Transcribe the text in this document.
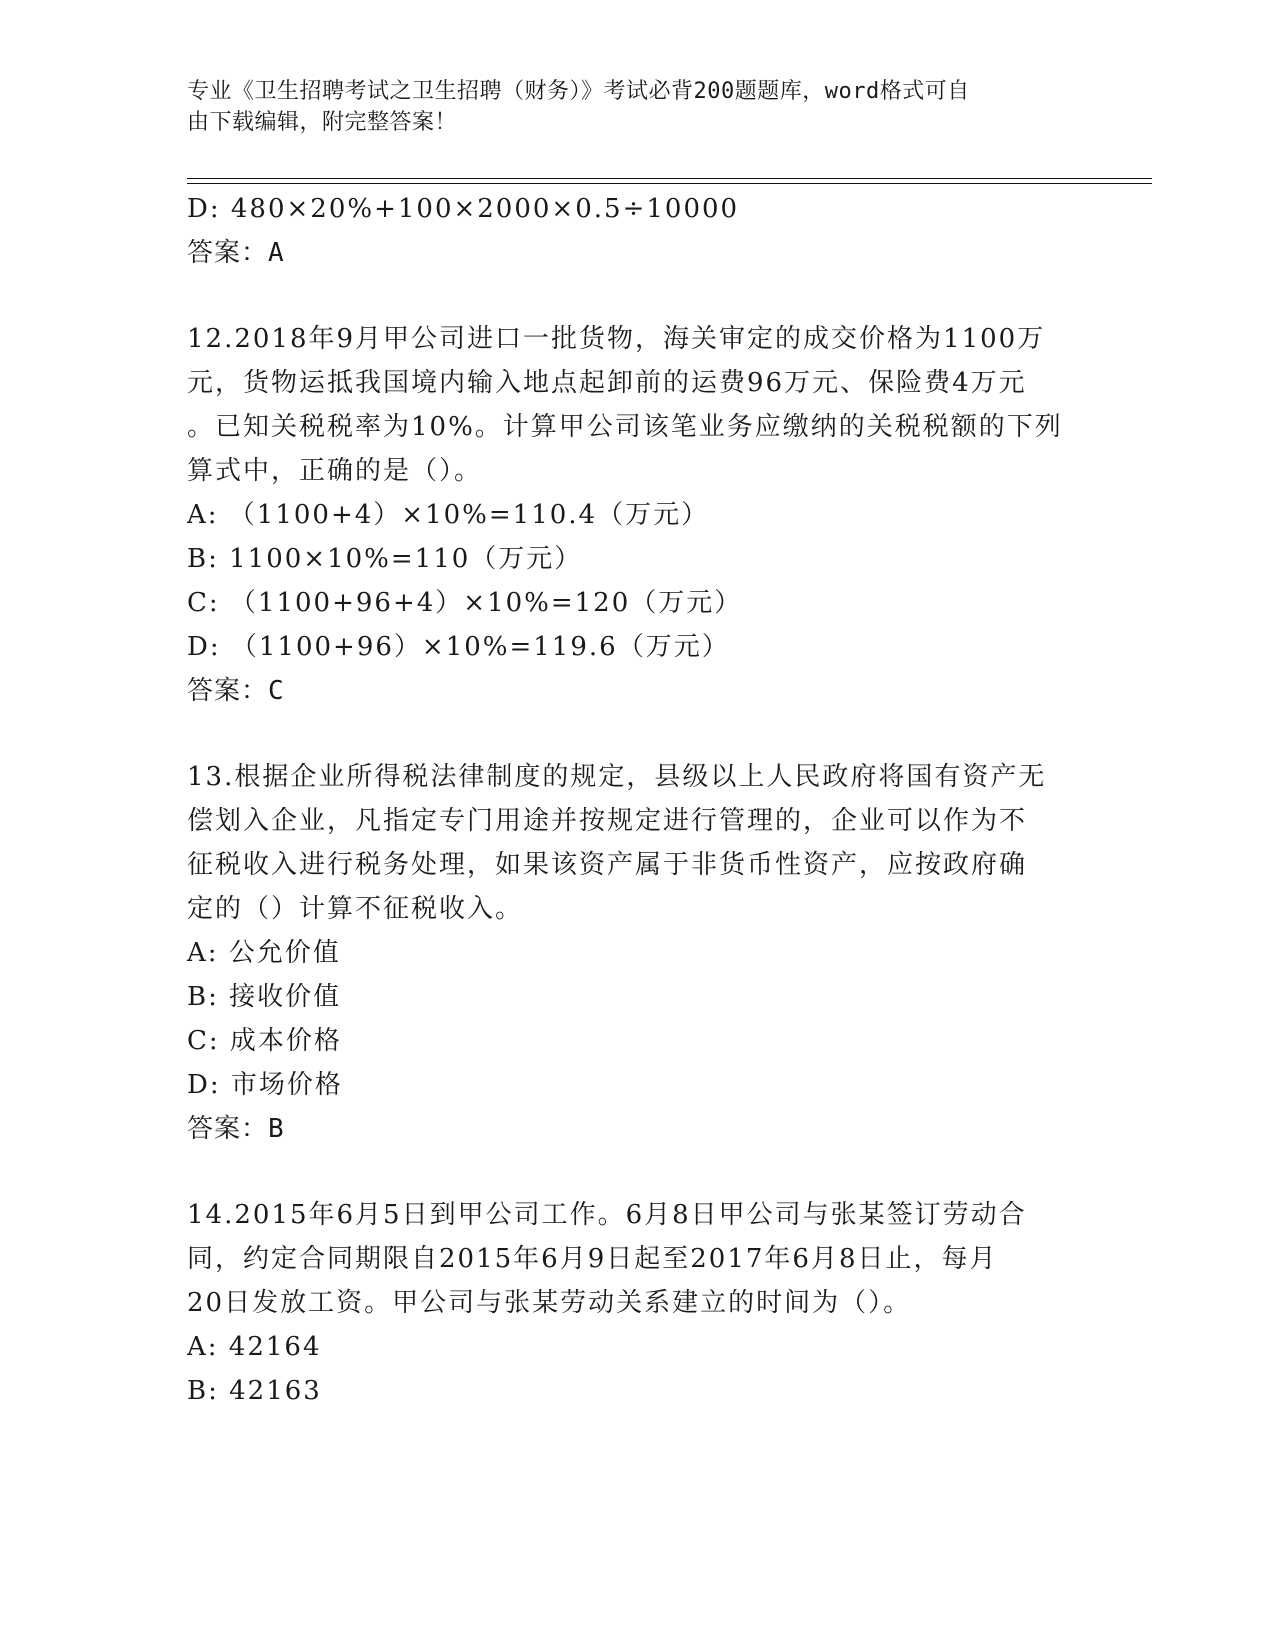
专业《卫生招聘考试之卫生招聘（财务）》考试必背200题题库，word格式可自
由下载编辑，附完整答案！
D: 480×20%+100×2000×0.5÷10000
答案：A
12.2018年9月甲公司进口一批货物，海关审定的成交价格为1100万
元，货物运抵我国境内输入地点起卸前的运费96万元、保险费4万元
。已知关税税率为10%。计算甲公司该笔业务应缴纳的关税税额的下列
算式中，正确的是（）。
A: （1100+4）×10%=110.4（万元）
B: 1100×10%=110（万元）
C: （1100+96+4）×10%=120（万元）
D: （1100+96）×10%=119.6（万元）
答案：C
13.根据企业所得税法律制度的规定，县级以上人民政府将国有资产无
偿划入企业，凡指定专门用途并按规定进行管理的，企业可以作为不
征税收入进行税务处理，如果该资产属于非货币性资产，应按政府确
定的（）计算不征税收入。
A: 公允价值
B: 接收价值
C: 成本价格
D: 市场价格
答案：B
14.2015年6月5日到甲公司工作。6月8日甲公司与张某签订劳动合
同，约定合同期限自2015年6月9日起至2017年6月8日止，每月
20日发放工资。甲公司与张某劳动关系建立的时间为（）。
A: 42164
B: 42163
